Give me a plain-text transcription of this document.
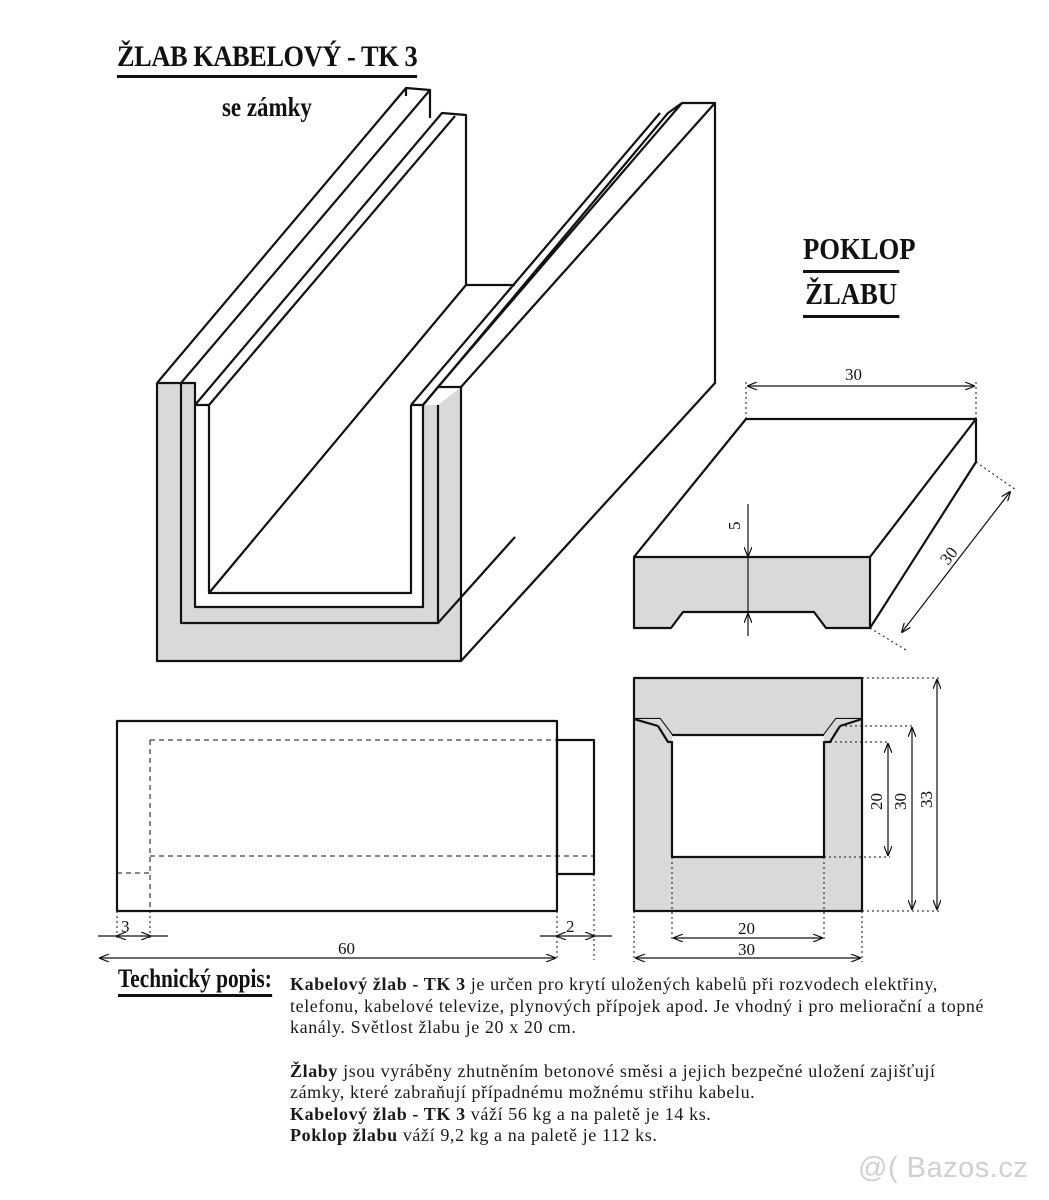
30
30
5
3
60
2
20 30 33
20
30
ŽLAB KABELOVÝ - TK 3
se zámky
POKLOP
ŽLABU
Technický popis: Kabelový žlab - TK 3 je určen pro krytí uložených kabelů při rozvodech elektřiny, telefonu, kabelové televize, plynových přípojek apod. Je vhodný i pro meliorační a topné kanály. Světlost žlabu je 20 x 20 cm.

Žlaby jsou vyráběny zhutněním betonové směsi a jejich bezpečné uložení zajišťují zámky, které zabraňují případnému možnému střihu kabelu.

Kabelový žlab - TK 3 váží 56 kg a na paletě je 14 ks.

Poklop žlabu váží 9,2 kg a na paletě je 112 ks.

@( Bazos.cz
